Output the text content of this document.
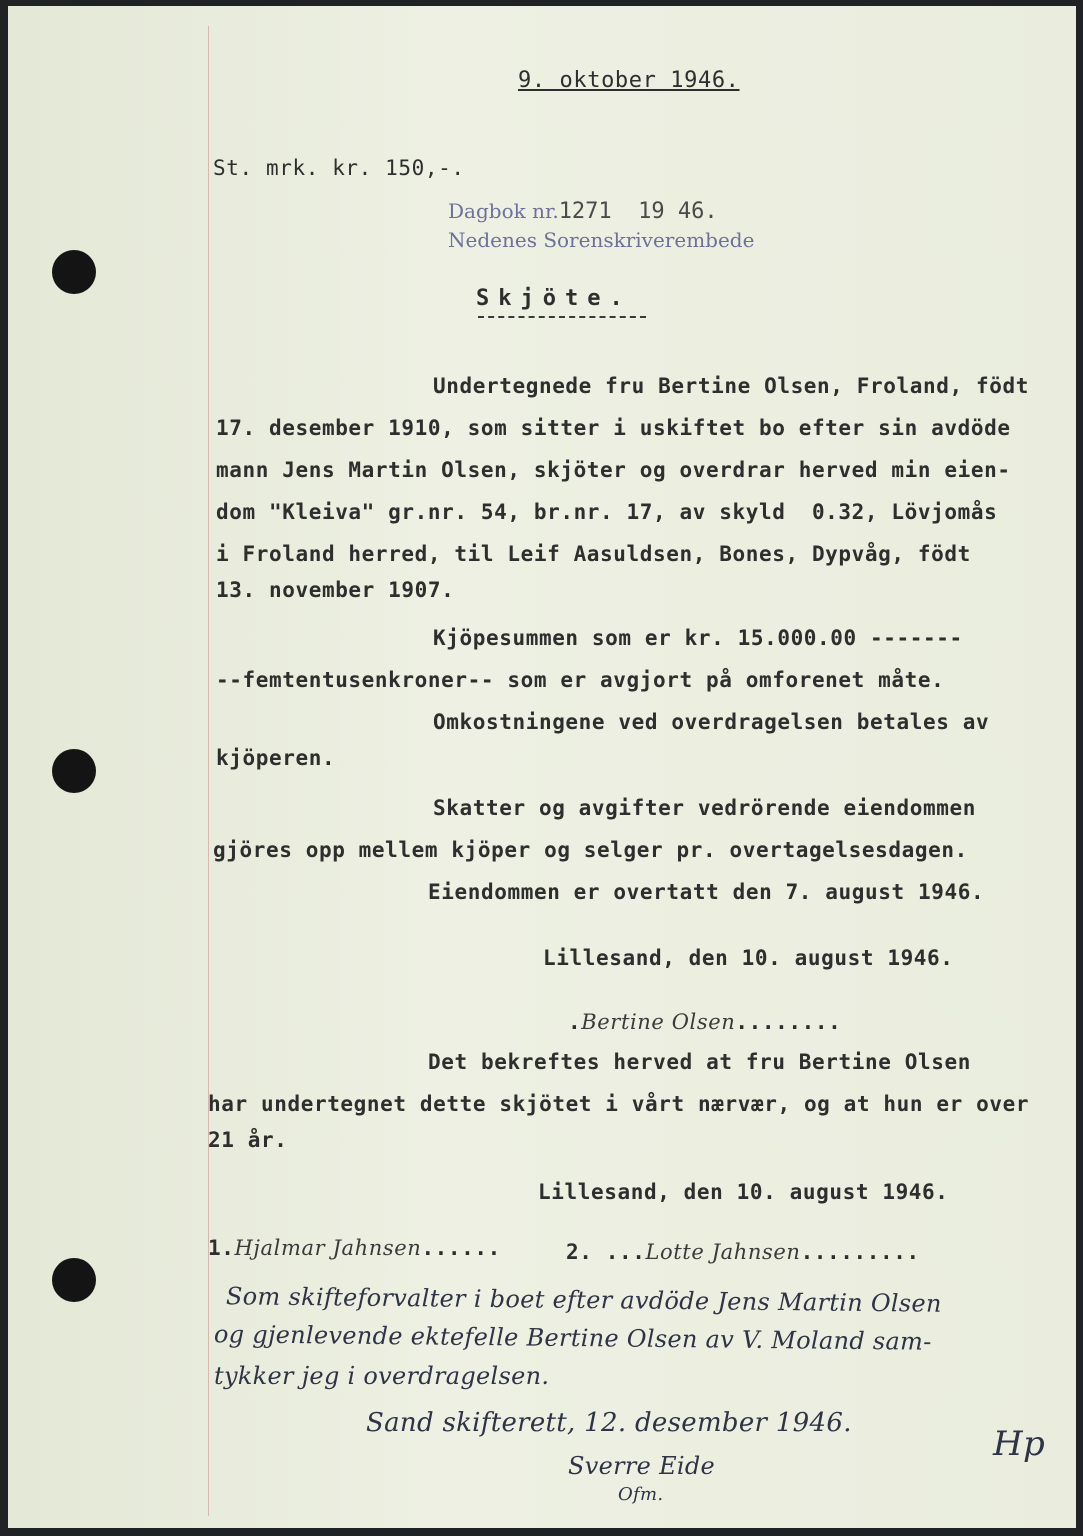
9. oktober 1946.

St. mrk. kr. 150,-.

Dagbok nr.1271  19 46.

Nedenes Sorenskriverembede

Skjöte.

Undertegnede fru Bertine Olsen, Froland, födt

17. desember 1910, som sitter i uskiftet bo efter sin avdöde

mann Jens Martin Olsen, skjöter og overdrar herved min eien-

dom "Kleiva" gr.nr. 54, br.nr. 17, av skyld  0.32, Lövjomås

i Froland herred, til Leif Aasuldsen, Bones, Dypvåg, födt

13. november 1907.

Kjöpesummen som er kr. 15.000.00 -------

--femtentusenkroner-- som er avgjort på omforenet måte.

Omkostningene ved overdragelsen betales av

kjöperen.

Skatter og avgifter vedrörende eiendommen

gjöres opp mellem kjöper og selger pr. overtagelsesdagen.

Eiendommen er overtatt den 7. august 1946.

Lillesand, den 10. august 1946.

.Bertine Olsen........

Det bekreftes herved at fru Bertine Olsen

har undertegnet dette skjötet i vårt nærvær, og at hun er over

21 år.

Lillesand, den 10. august 1946.

1.Hjalmar Jahnsen......	2. ...Lotte Jahnsen.........

Som skifteforvalter i boet efter avdöde Jens Martin Olsen

og gjenlevende ektefelle Bertine Olsen av V. Moland sam-

tykker jeg i overdragelsen.

Sand skifterett, 12. desember 1946.

Sverre Eide

Ofm.

Hp
